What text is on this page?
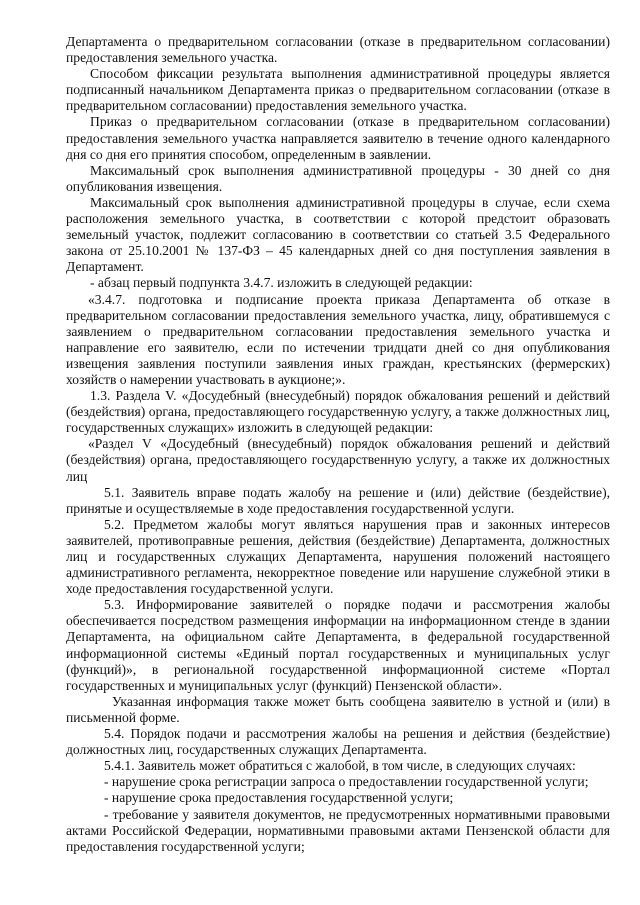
Департамента о предварительном согласовании (отказе в предварительном согласовании) предоставления земельного участка.

Способом фиксации результата выполнения административной процедуры является подписанный начальником Департамента приказ о предварительном согласовании (отказе в предварительном согласовании) предоставления земельного участка.

Приказ о предварительном согласовании (отказе в предварительном согласовании) предоставления земельного участка направляется заявителю в течение одного календарного дня со дня его принятия способом, определенным в заявлении.

Максимальный срок выполнения административной процедуры - 30 дней со дня опубликования извещения.

Максимальный срок выполнения административной процедуры в случае, если схема расположения земельного участка, в соответствии с которой предстоит образовать земельный участок, подлежит согласованию в соответствии со статьей 3.5 Федерального закона от 25.10.2001 № 137-ФЗ – 45 календарных дней со дня поступления заявления в Департамент.

- абзац первый подпункта 3.4.7. изложить в следующей редакции:

«3.4.7. подготовка и подписание проекта приказа Департамента об отказе в предварительном согласовании предоставления земельного участка, лицу, обратившемуся с заявлением о предварительном согласовании предоставления земельного участка и направление его заявителю, если по истечении тридцати дней со дня опубликования извещения заявления поступили заявления иных граждан, крестьянских (фермерских) хозяйств о намерении участвовать в аукционе;».

1.3. Раздела V. «Досудебный (внесудебный) порядок обжалования решений и действий (бездействия) органа, предоставляющего государственную услугу, а также должностных лиц, государственных служащих» изложить в следующей редакции:

«Раздел V «Досудебный (внесудебный) порядок обжалования решений и действий (бездействия) органа, предоставляющего государственную услугу, а также их должностных лиц

5.1. Заявитель вправе подать жалобу на решение и (или) действие (бездействие), принятые и осуществляемые в ходе предоставления государственной услуги.

5.2. Предметом жалобы могут являться нарушения прав и законных интересов заявителей, противоправные решения, действия (бездействие) Департамента, должностных лиц и государственных служащих Департамента, нарушения положений настоящего административного регламента, некорректное поведение или нарушение служебной этики в ходе предоставления государственной услуги.

5.3. Информирование заявителей о порядке подачи и рассмотрения жалобы обеспечивается посредством размещения информации на информационном стенде в здании Департамента, на официальном сайте Департамента, в федеральной государственной информационной системы «Единый портал государственных и муниципальных услуг (функций)», в региональной государственной информационной системе «Портал государственных и муниципальных услуг (функций) Пензенской области».

Указанная информация также может быть сообщена заявителю в устной и (или) в письменной форме.

5.4. Порядок подачи и рассмотрения жалобы на решения и действия (бездействие) должностных лиц, государственных служащих Департамента.

5.4.1. Заявитель может обратиться с жалобой, в том числе, в следующих случаях:

- нарушение срока регистрации запроса о предоставлении государственной услуги;

- нарушение срока предоставления государственной услуги;

- требование у заявителя документов, не предусмотренных нормативными правовыми актами Российской Федерации, нормативными правовыми актами Пензенской области для предоставления государственной услуги;
